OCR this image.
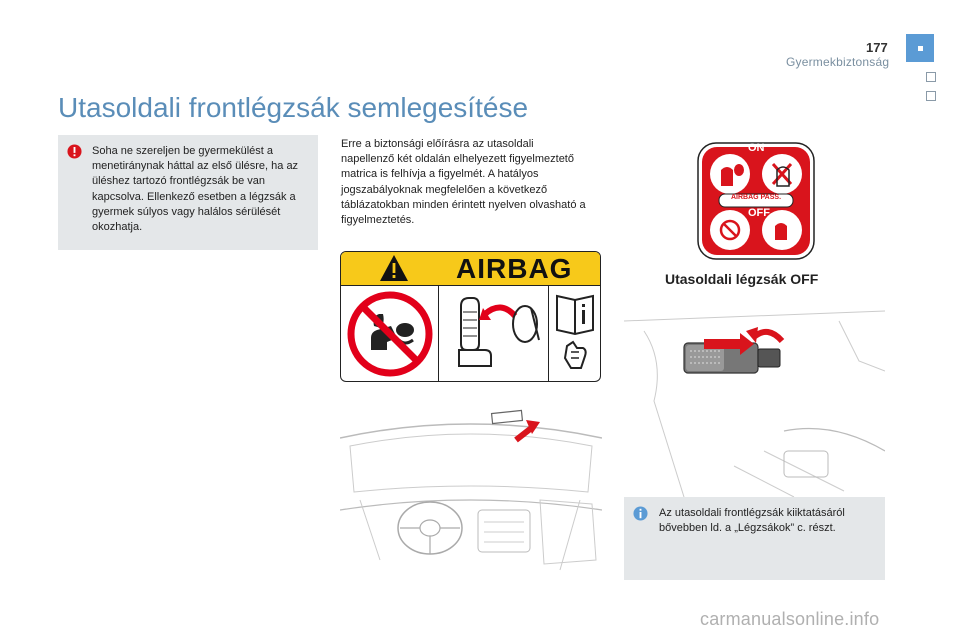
177
Gyermekbiztonság
Utasoldali frontlégzsák semlegesítése

Soha ne szereljen be gyermekülést a menetiránynak háttal az első ülésre, ha az üléshez tartozó frontlégzsák be van kapcsolva. Ellenkező esetben a légzsák a gyermek súlyos vagy halálos sérülését okozhatja.

Erre a biztonsági előírásra az utasoldali napellenző két oldalán elhelyezett figyelmeztető matrica is felhívja a figyelmét. A hatályos jogszabályoknak megfelelően a következő táblázatokban minden érintett nyelven olvasható a figyelmeztetés.

AIRBAG
AIRBAG PASS.
ON
OFF
Utasoldali légzsák OFF

Az utasoldali frontlégzsák kiiktatásáról bővebben ld. a „Légzsákok” c. részt.

carmanualsonline.info
